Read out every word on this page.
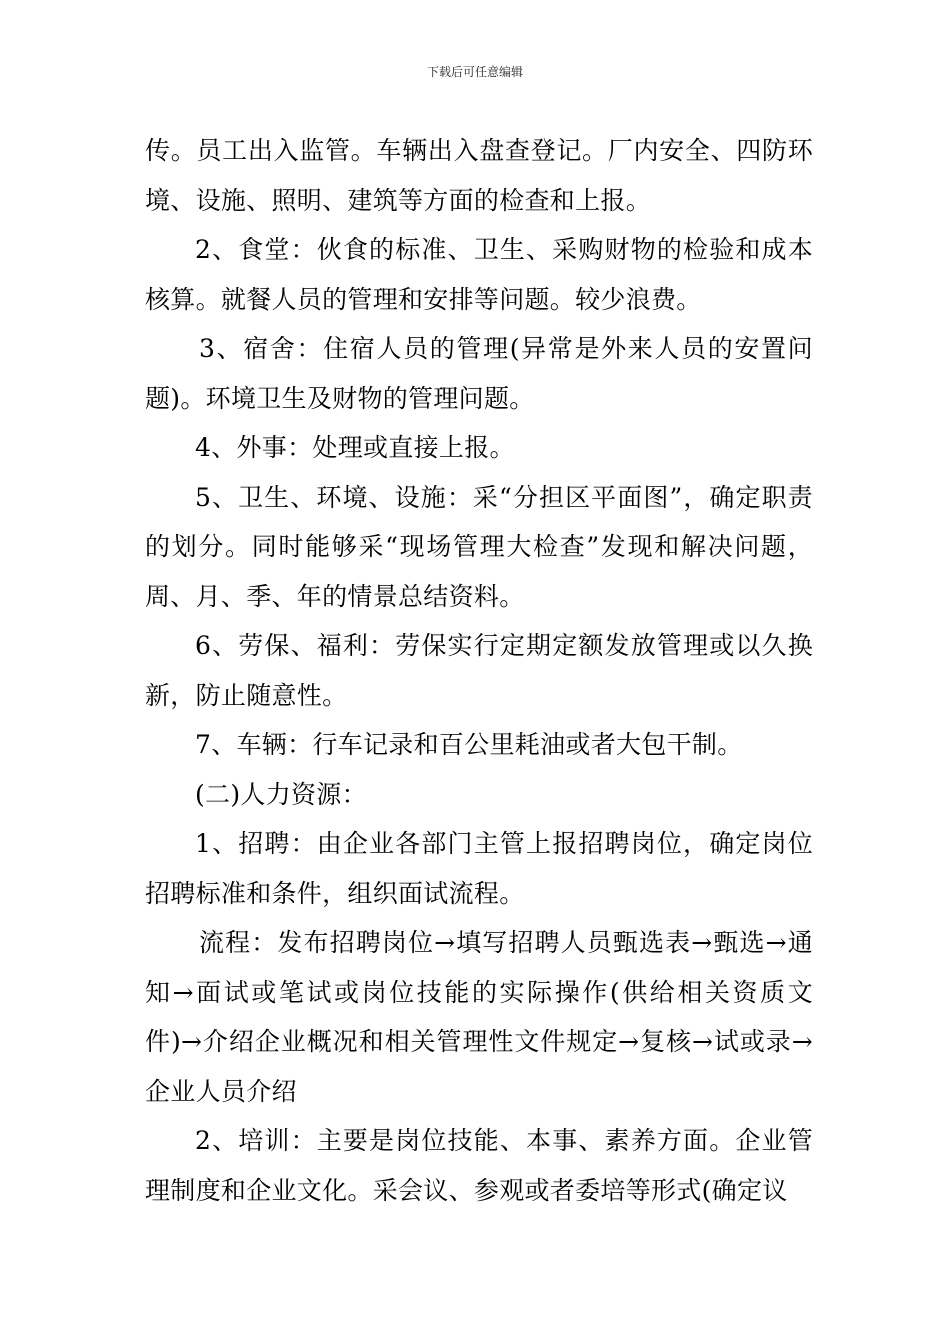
下载后可任意编辑

传。员工出入监管。车辆出入盘查登记。厂内安全、四防环境、设施、照明、建筑等方面的检查和上报。

2、食堂：伙食的标准、卫生、采购财物的检验和成本核算。就餐人员的管理和安排等问题。较少浪费。

3、宿舍：住宿人员的管理(异常是外来人员的安置问题)。环境卫生及财物的管理问题。

4、外事：处理或直接上报。

5、卫生、环境、设施：采“分担区平面图”，确定职责的划分。同时能够采“现场管理大检查”发现和解决问题，周、月、季、年的情景总结资料。

6、劳保、福利：劳保实行定期定额发放管理或以久换新，防止随意性。

7、车辆：行车记录和百公里耗油或者大包干制。

(二)人力资源：

1、招聘：由企业各部门主管上报招聘岗位，确定岗位招聘标准和条件，组织面试流程。

流程：发布招聘岗位→填写招聘人员甄选表→甄选→通知→面试或笔试或岗位技能的实际操作(供给相关资质文件)→介绍企业概况和相关管理性文件规定→复核→试或录→企业人员介绍

2、培训：主要是岗位技能、本事、素养方面。企业管理制度和企业文化。采会议、参观或者委培等形式(确定议
